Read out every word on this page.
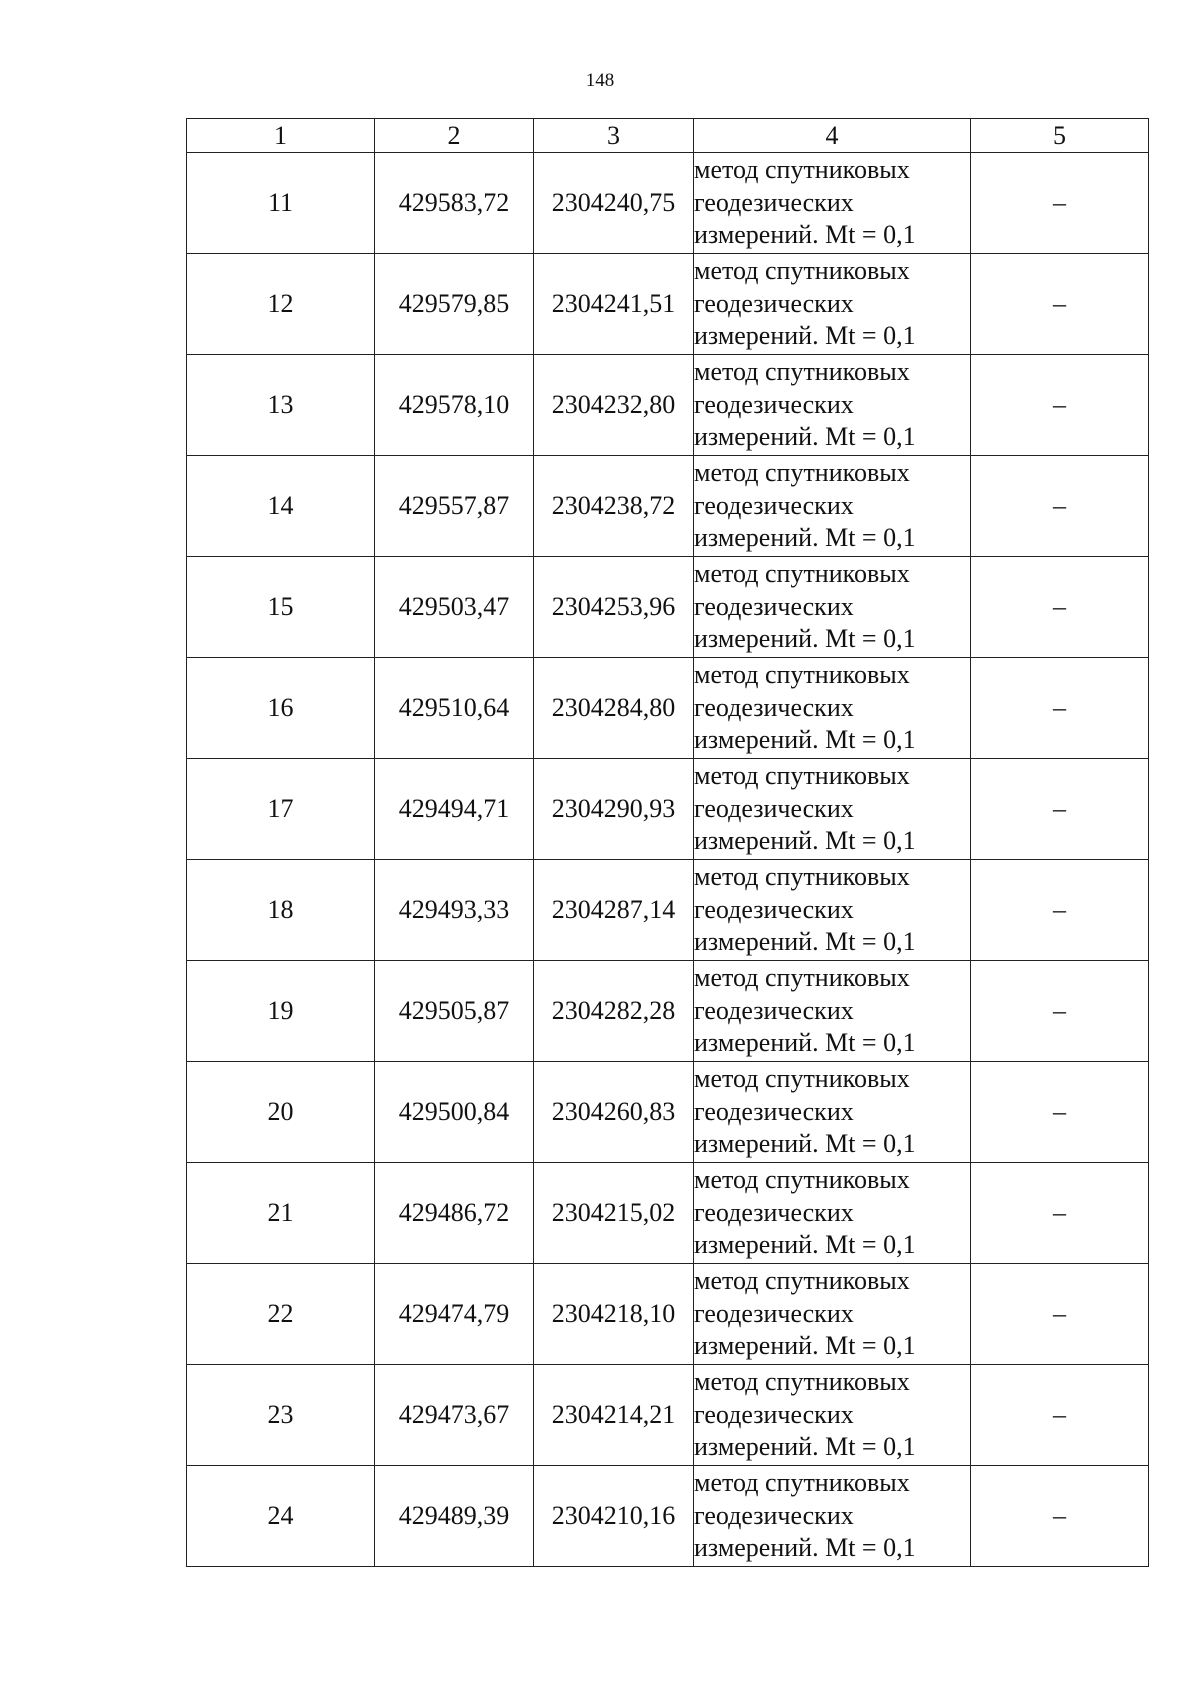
148
1	2	3	4	5
11	429583,72	2304240,75	метод спутниковых
геодезических
измерений. Mt = 0,1	–
12	429579,85	2304241,51	метод спутниковых
геодезических
измерений. Mt = 0,1	–
13	429578,10	2304232,80	метод спутниковых
геодезических
измерений. Mt = 0,1	–
14	429557,87	2304238,72	метод спутниковых
геодезических
измерений. Mt = 0,1	–
15	429503,47	2304253,96	метод спутниковых
геодезических
измерений. Mt = 0,1	–
16	429510,64	2304284,80	метод спутниковых
геодезических
измерений. Mt = 0,1	–
17	429494,71	2304290,93	метод спутниковых
геодезических
измерений. Mt = 0,1	–
18	429493,33	2304287,14	метод спутниковых
геодезических
измерений. Mt = 0,1	–
19	429505,87	2304282,28	метод спутниковых
геодезических
измерений. Mt = 0,1	–
20	429500,84	2304260,83	метод спутниковых
геодезических
измерений. Mt = 0,1	–
21	429486,72	2304215,02	метод спутниковых
геодезических
измерений. Mt = 0,1	–
22	429474,79	2304218,10	метод спутниковых
геодезических
измерений. Mt = 0,1	–
23	429473,67	2304214,21	метод спутниковых
геодезических
измерений. Mt = 0,1	–
24	429489,39	2304210,16	метод спутниковых
геодезических
измерений. Mt = 0,1	–
